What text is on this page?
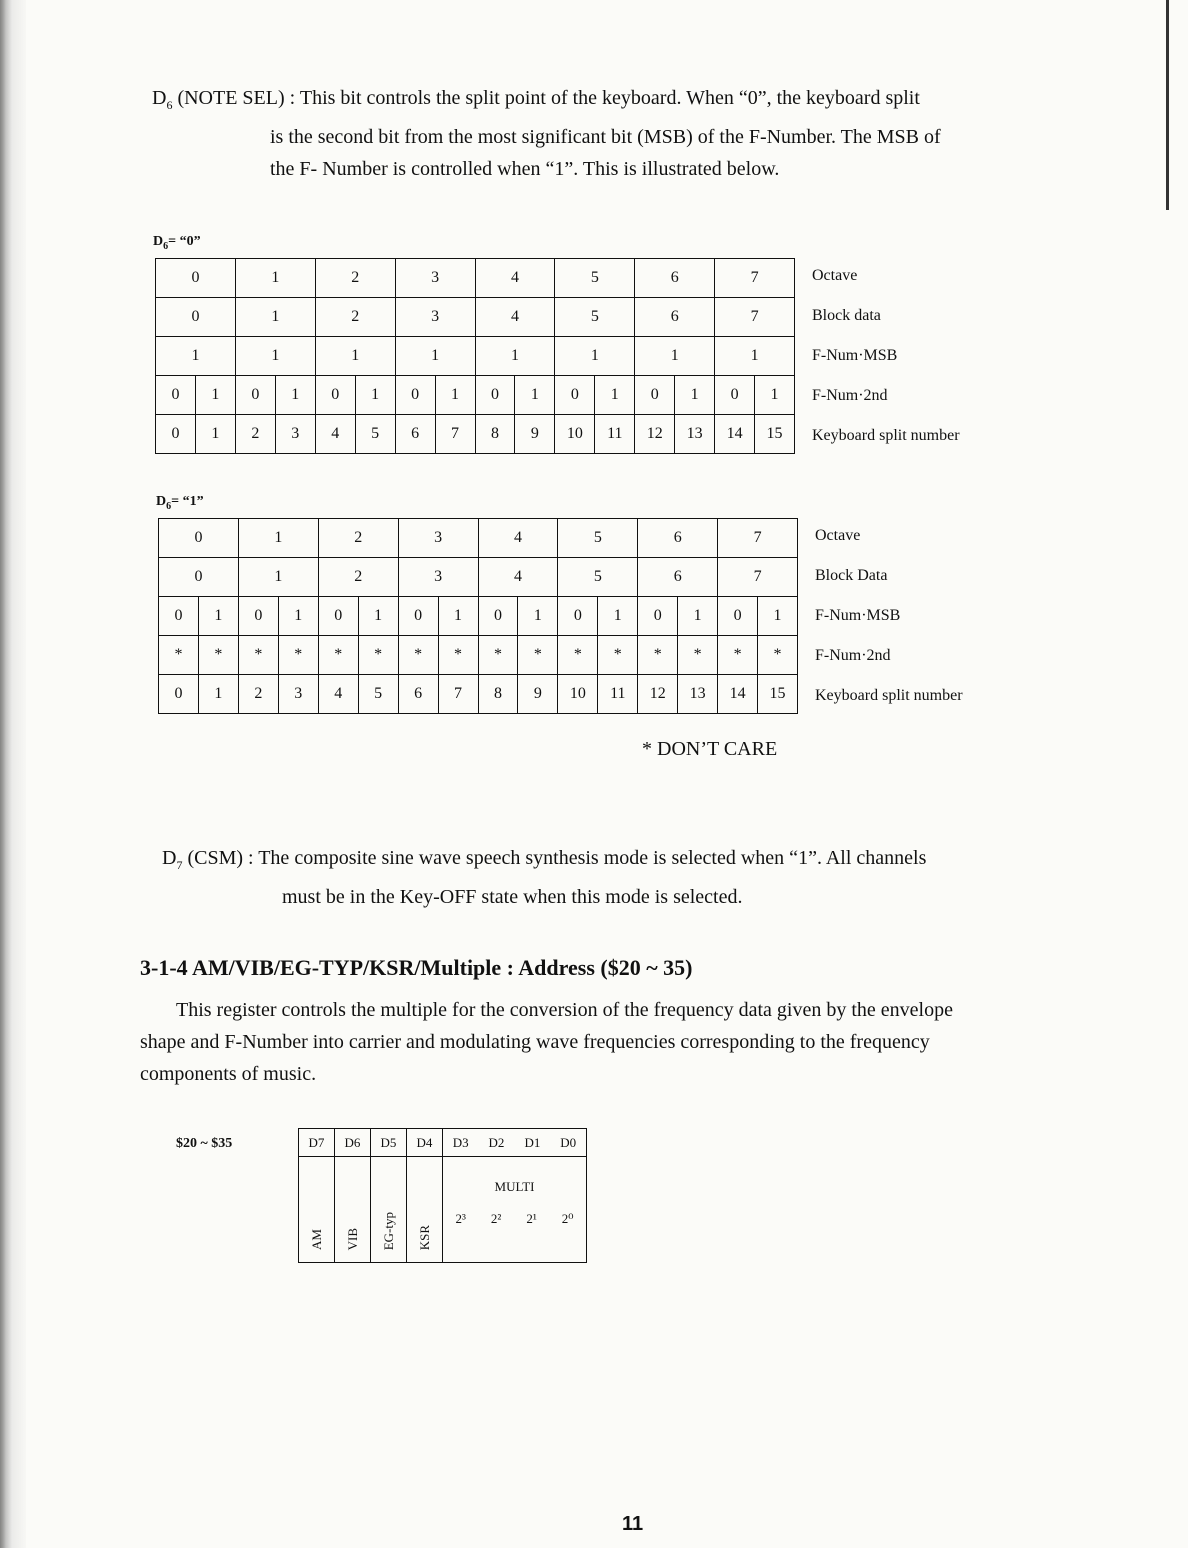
$D_6$ (NOTE SEL) : This bit controls the split point of the keyboard. When “0”, the keyboard split
is the second bit from the most significant bit (MSB) of the F-Number. The MSB of
the F- Number is controlled when “1”. This is illustrated below.
$D_6=$ “0”
0		1		2		3		4		5		6		7	
0		1		2		3		4		5		6		7	
1		1		1		1		1		1		1		1	
0	1	0	1	0	1	0	1	0	1	0	1	0	1	0	1
0	1	2	3	4	5	6	7	8	9	10	11	12	13	14	15
Octave
Block data
F-Num·MSB
F-Num·2nd
Keyboard split number
$D_6=$ “1”
0		1		2		3		4		5		6		7	
0		1		2		3		4		5		6		7	
0	1	0	1	0	1	0	1	0	1	0	1	0	1	0	1
*	*	*	*	*	*	*	*	*	*	*	*	*	*	*	*
0	1	2	3	4	5	6	7	8	9	10	11	12	13	14	15
Octave
Block Data
F-Num·MSB
F-Num·2nd
Keyboard split number
* DON’T CARE
$D_7$ (CSM) : The composite sine wave speech synthesis mode is selected when “1”. All channels
must be in the Key-OFF state when this mode is selected.
3-1-4 AM/VIB/EG-TYP/KSR/Multiple : Address ($20 ~ 35)
This register controls the multiple for the conversion of the frequency data given by the envelope
shape and F-Number into carrier and modulating wave frequencies corresponding to the frequency
components of music.
$20 ~ $35	D7	D6	D5	D4	D3	D2	D1	D0
AM	VIB	EG-typ	KSR	MULTI
2³ 2² 2¹ 2⁰			
11
